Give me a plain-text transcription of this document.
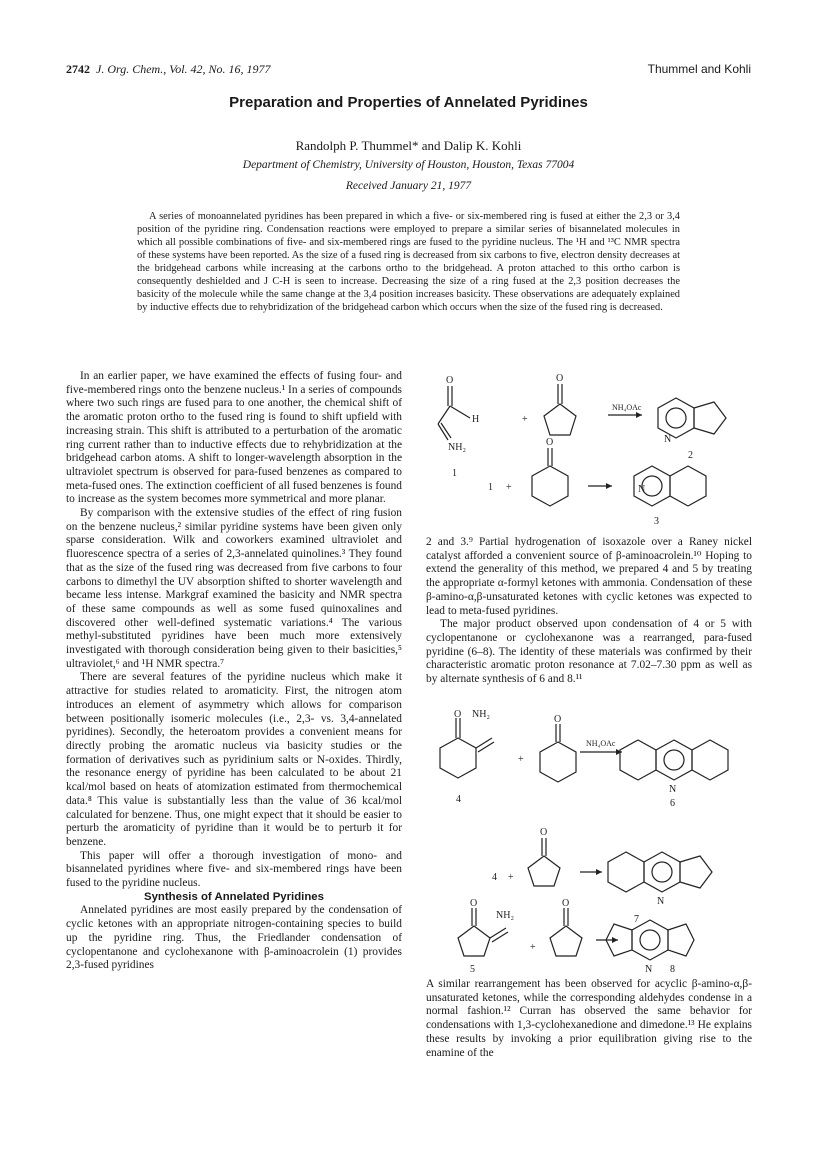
2742 J. Org. Chem., Vol. 42, No. 16, 1977	Thummel and Kohli
Preparation and Properties of Annelated Pyridines
Randolph P. Thummel* and Dalip K. Kohli
Department of Chemistry, University of Houston, Houston, Texas 77004
Received January 21, 1977
A series of monoannelated pyridines has been prepared in which a five- or six-membered ring is fused at either the 2,3 or 3,4 position of the pyridine ring. Condensation reactions were employed to prepare a similar series of bisannelated molecules in which all possible combinations of five- and six-membered rings are fused to the pyridine nucleus. The ¹H and ¹³C NMR spectra of these systems have been reported. As the size of a fused ring is decreased from six carbons to five, electron density decreases at the bridgehead carbons while increasing at the carbons ortho to the bridgehead. A proton attached to this ortho carbon is consequently deshielded and J C-H is seen to increase. Decreasing the size of a ring fused at the 2,3 position decreases the basicity of the molecule while the same change at the 3,4 position increases basicity. These observations are adequately explained by inductive effects due to rehybridization of the bridgehead carbon which occurs when the size of the fused ring is decreased.

In an earlier paper, we have examined the effects of fusing four- and five-membered rings onto the benzene nucleus.¹ In a series of compounds where two such rings are fused para to one another, the chemical shift of the aromatic proton ortho to the fused ring is found to shift upfield with increasing strain. This shift is attributed to a perturbation of the aromatic ring current rather than to inductive effects due to rehybridization at the bridgehead carbon atoms. A shift to longer-wavelength absorption in the ultraviolet spectrum is observed for para-fused benzenes as compared to meta-fused ones. The extinction coefficient of all fused benzenes is found to increase as the system becomes more symmetrical and more planar.

By comparison with the extensive studies of the effect of ring fusion on the benzene nucleus,² similar pyridine systems have been given only sparse consideration. Wilk and coworkers examined ultraviolet and fluorescence spectra of a series of 2,3-annelated quinolines.³ They found that as the size of the fused ring was decreased from five carbons to four carbons to dimethyl the UV absorption shifted to shorter wavelength and became less intense. Markgraf examined the basicity and NMR spectra of these same compounds as well as some fused quinoxalines and discovered other well-defined systematic variations.⁴ The various methyl-substituted pyridines have been much more extensively investigated with thorough consideration being given to their basicities,⁵ ultraviolet,⁶ and ¹H NMR spectra.⁷

There are several features of the pyridine nucleus which make it attractive for studies related to aromaticity. First, the nitrogen atom introduces an element of asymmetry which allows for comparison between positionally isomeric molecules (i.e., 2,3- vs. 3,4-annelated pyridines). Secondly, the heteroatom provides a convenient means for directly probing the aromatic nucleus via basicity studies or the formation of derivatives such as pyridinium salts or N-oxides. Thirdly, the resonance energy of pyridine has been calculated to be about 21 kcal/mol based on heats of atomization estimated from thermochemical data.⁸ This value is substantially less than the value of 36 kcal/mol calculated for benzene. Thus, one might expect that it should be easier to perturb the aromaticity of pyridine than it would be to perturb it for benzene.

This paper will offer a thorough investigation of mono- and bisannelated pyridines where five- and six-membered rings have been fused to the pyridine nucleus.

Synthesis of Annelated Pyridines

Annelated pyridines are most easily prepared by the condensation of cyclic ketones with an appropriate nitrogen-containing species to build up the pyridine ring. Thus, the Friedlander condensation of cyclopentanone and cyclohexanone with β-aminoacrolein (1) provides 2,3-fused pyridines

O
H
NH₂
1
+
O
NH₄OAc
N
2
1 +
O
N
3

2 and 3.⁹ Partial hydrogenation of isoxazole over a Raney nickel catalyst afforded a convenient source of β-aminoacrolein.¹⁰ Hoping to extend the generality of this method, we prepared 4 and 5 by treating the appropriate α-formyl ketones with ammonia. Condensation of these β-amino-α,β-unsaturated ketones with cyclic ketones was expected to lead to meta-fused pyridines.

The major product observed upon condensation of 4 or 5 with cyclopentanone or cyclohexanone was a rearranged, para-fused pyridine (6–8). The identity of these materials was confirmed by their characteristic aromatic proton resonance at 7.02–7.30 ppm as well as by alternate synthesis of 6 and 8.¹¹

O NH₂
4
+
O
NH₄OAc
N
6
4 +
O
N
7
O
NH₂
5
+
O
N 8

A similar rearrangement has been observed for acyclic β-amino-α,β-unsaturated ketones, while the corresponding aldehydes condense in a normal fashion.¹² Curran has observed the same behavior for condensations with 1,3-cyclohexanedione and dimedone.¹³ He explains these results by invoking a prior equilibration giving rise to the enamine of the
